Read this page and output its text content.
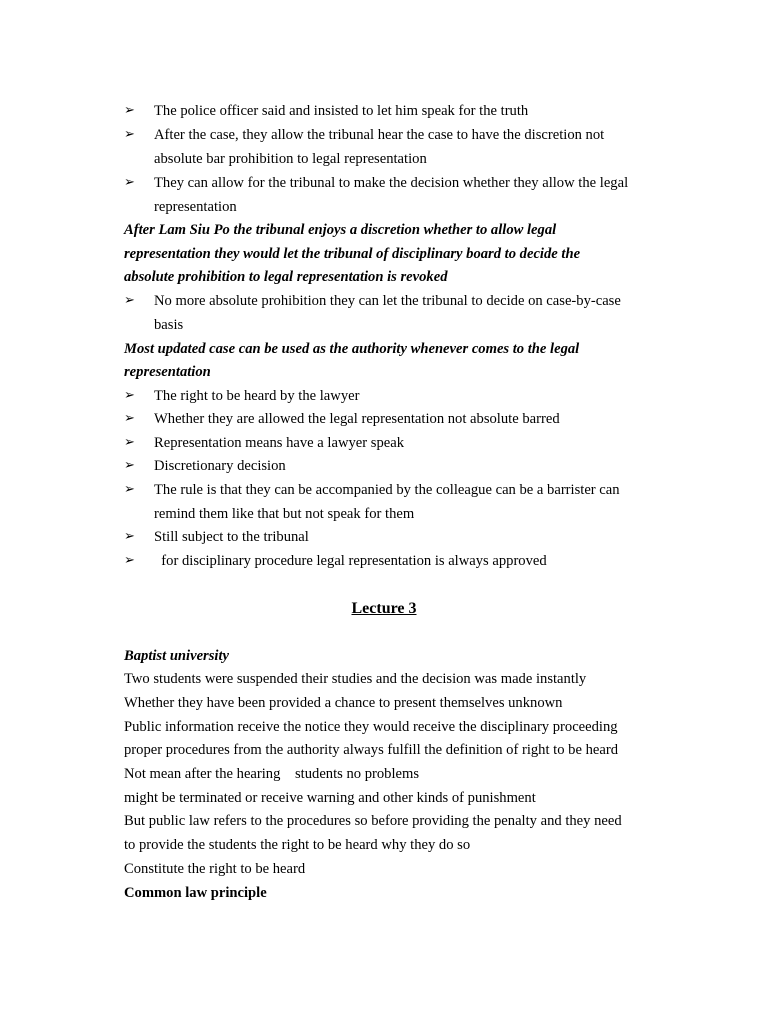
➢ The police officer said and insisted to let him speak for the truth
➢ After the case, they allow the tribunal hear the case to have the discretion not
absolute bar prohibition to legal representation
➢ They can allow for the tribunal to make the decision whether they allow the legal
representation
After Lam Siu Po the tribunal enjoys a discretion whether to allow legal
representation they would let the tribunal of disciplinary board to decide the
absolute prohibition to legal representation is revoked
➢ No more absolute prohibition they can let the tribunal to decide on case-by-case
basis
Most updated case can be used as the authority whenever comes to the legal
representation
➢ The right to be heard by the lawyer
➢ Whether they are allowed the legal representation not absolute barred
➢ Representation means have a lawyer speak
➢ Discretionary decision
➢ The rule is that they can be accompanied by the colleague can be a barrister can
remind them like that but not speak for them
➢ Still subject to the tribunal
➢ for disciplinary procedure legal representation is always approved
Lecture 3
Baptist university
Two students were suspended their studies and the decision was made instantly
Whether they have been provided a chance to present themselves unknown
Public information receive the notice they would receive the disciplinary proceeding
proper procedures from the authority always fulfill the definition of right to be heard
Not mean after the hearing    students no problems
might be terminated or receive warning and other kinds of punishment
But public law refers to the procedures so before providing the penalty and they need
to provide the students the right to be heard why they do so
Constitute the right to be heard
Common law principle
